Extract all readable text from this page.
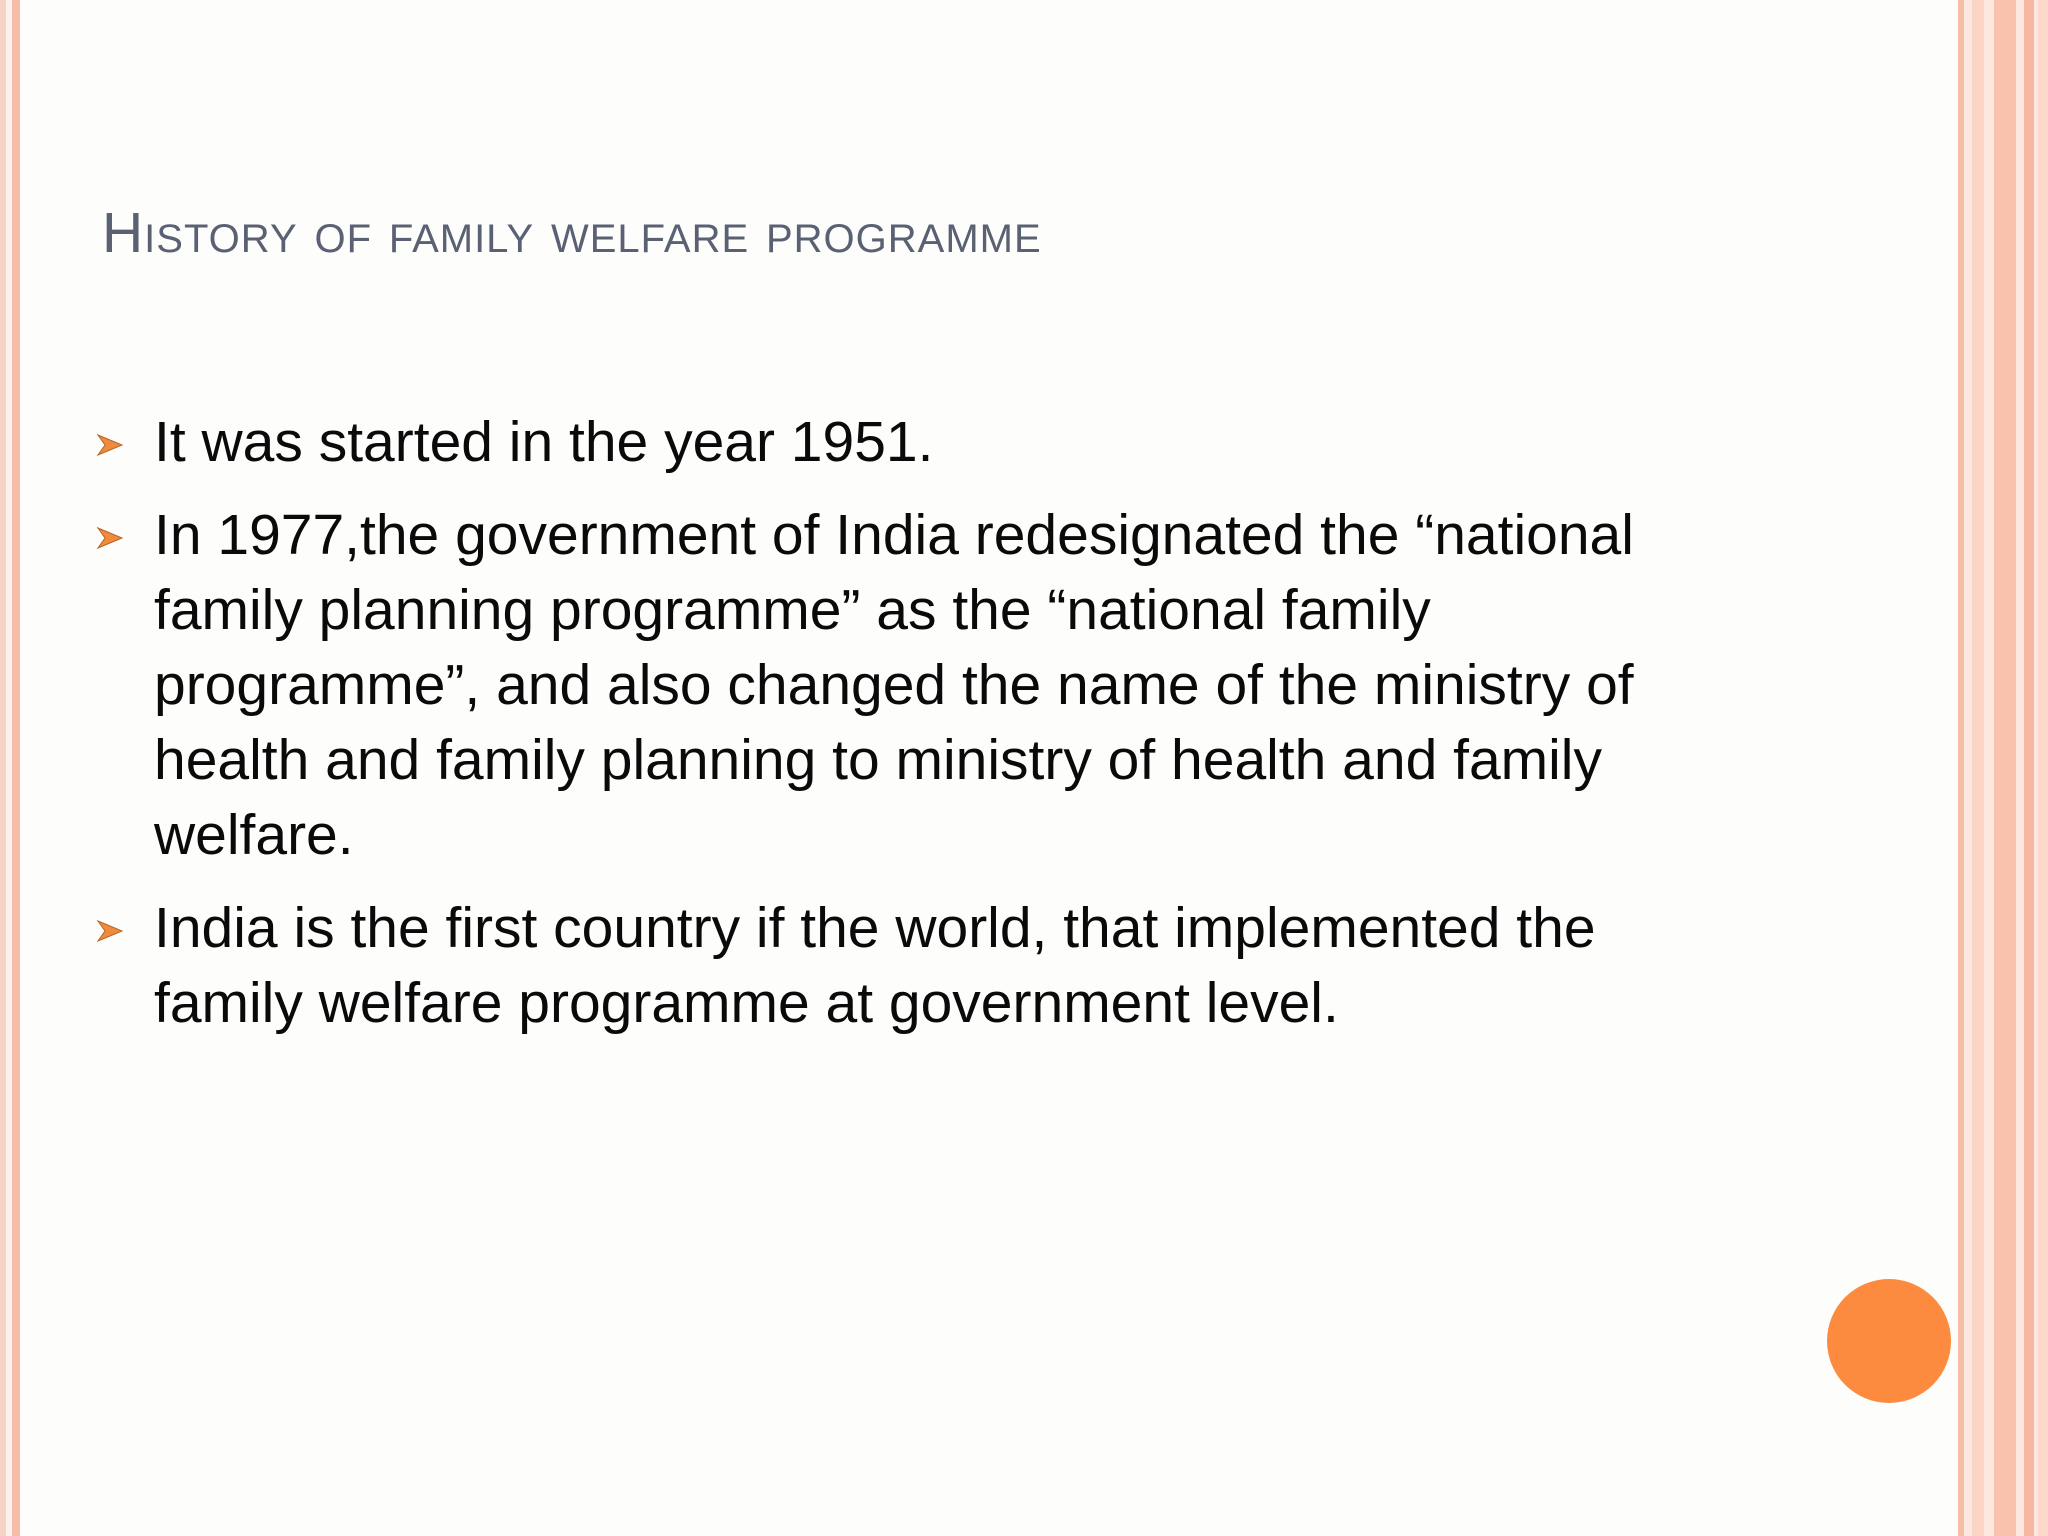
History of family welfare programme
It was started in the year 1951.
In 1977,the government of India redesignated the “national family planning programme” as the “national family programme”, and also changed the name of the ministry of health and family planning to ministry of health and family welfare.
India is the first country if the world, that implemented the family welfare programme at government level.
